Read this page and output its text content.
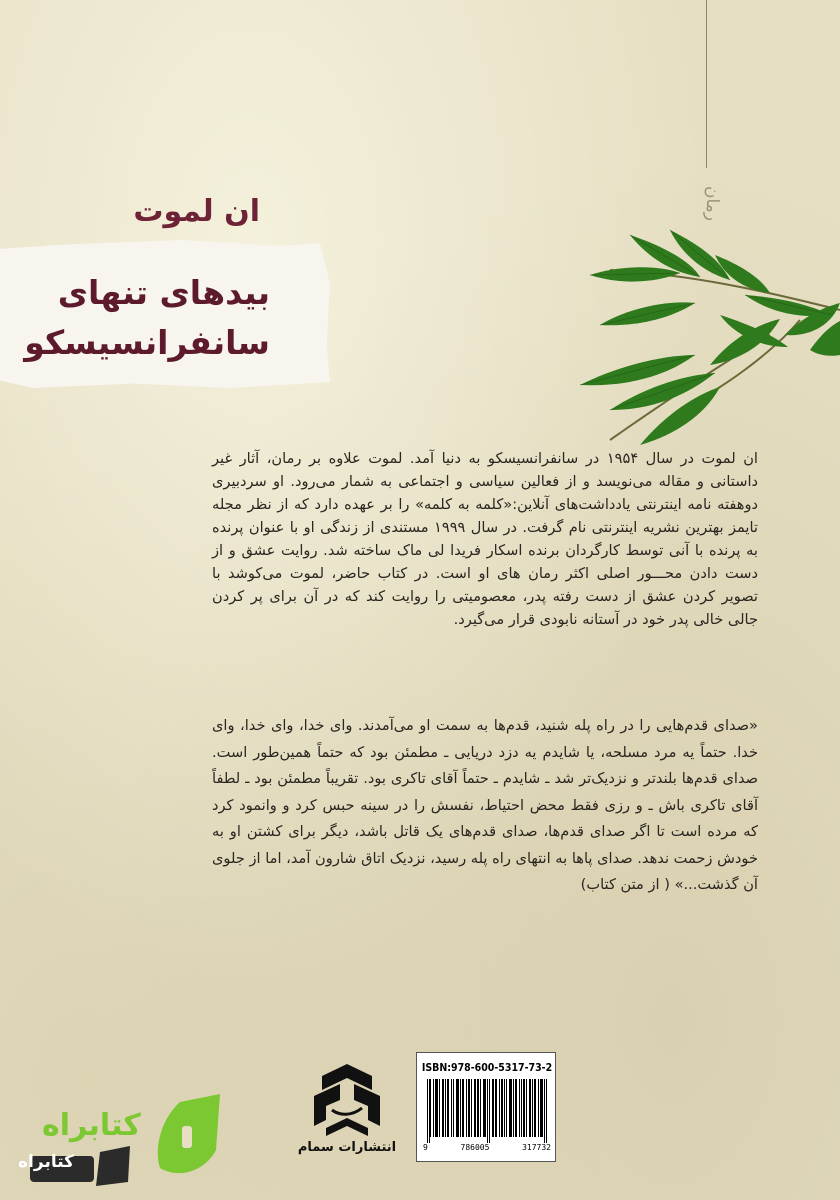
رمان
ان لموت
بیدهای تنهای
سانفرانسیسکو
ان لموت در سال ۱۹۵۴ در سانفرانسیسکو به دنیا آمد. لموت علاوه بر رمان، آثار غیر داستانی و مقاله می‌نویسد و از فعالین سیاسی و اجتماعی به شمار می‌رود. او سردبیری دوهفته نامه اینترنتی یادداشت‌های آنلاین:«کلمه به کلمه» را بر عهده دارد که از نظر مجله تایمز بهترین نشریه اینترنتی نام گرفت. در سال ۱۹۹۹ مستندی از زندگی او با عنوان پرنده به پرنده با آنی توسط کارگردان برنده اسکار فریدا لی ماک ساخته شد. روایت عشق و از دست دادن محـــور اصلی اکثر رمان های او است. در کتاب حاضر، لموت می‌کوشد با تصویر کردن عشق از دست رفته پدر، معصومیتی را روایت کند که در آن برای پر کردن جالی خالی پدر خود در آستانه نابودی قرار می‌گیرد.
«صدای قدم‌هایی را در راه پله شنید، قدم‌ها به سمت او می‌آمدند. وای خدا، وای خدا، وای خدا. حتماً یه مرد مسلحه، یا شایدم یه دزد دریایی ـ مطمئن بود که حتماً همین‌طور است. صدای قدم‌ها بلندتر و نزدیک‌تر شد ـ شایدم ـ حتماً آقای تاکری بود. تقریباً مطمئن بود ـ لطفاً آقای تاکری باش ـ و رزی فقط محض احتیاط، نفسش را در سینه حبس کرد و وانمود کرد که مرده است تا اگر صدای قدم‌ها، صدای قدم‌های یک قاتل باشد، دیگر برای کشتن او به خودش زحمت ندهد. صدای پاها به انتهای راه پله رسید، نزدیک اتاق شارون آمد، اما از جلوی آن گذشت...» ( از متن کتاب)
انتشارات سمام
ISBN:978-600-5317-73-2
9	786005	317732
کتابراه
کتابراه
